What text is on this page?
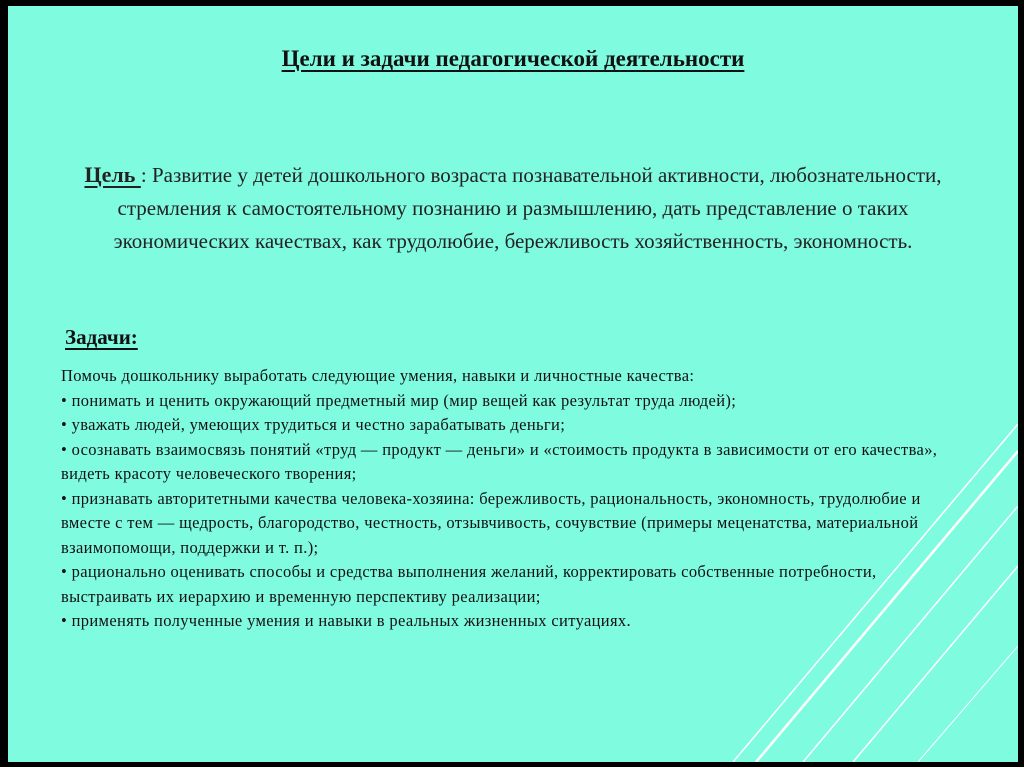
Цели и задачи педагогической деятельности
Цель : Развитие у детей дошкольного возраста познавательной активности, любознательности, стремления к самостоятельному познанию и размышлению, дать представление о таких экономических качествах, как трудолюбие, бережливость хозяйственность, экономность.
Задачи:
Помочь дошкольнику выработать следующие умения, навыки и личностные качества:
• понимать и ценить окружающий предметный мир (мир вещей как результат труда людей);
• уважать людей, умеющих трудиться и честно зарабатывать деньги;
• осознавать взаимосвязь понятий «труд — продукт — деньги» и «стоимость продукта в зависимости от его качества», видеть красоту человеческого творения;
• признавать авторитетными качества человека-хозяина: бережливость, рациональность, экономность, трудолюбие и вместе с тем — щедрость, благородство, честность, отзывчивость, сочувствие (примеры меценатства, материальной взаимопомощи, поддержки и т. п.);
• рационально оценивать способы и средства выполнения желаний, корректировать собственные потребности, выстраивать их иерархию и временную перспективу реализации;
• применять полученные умения и навыки в реальных жизненных ситуациях.
